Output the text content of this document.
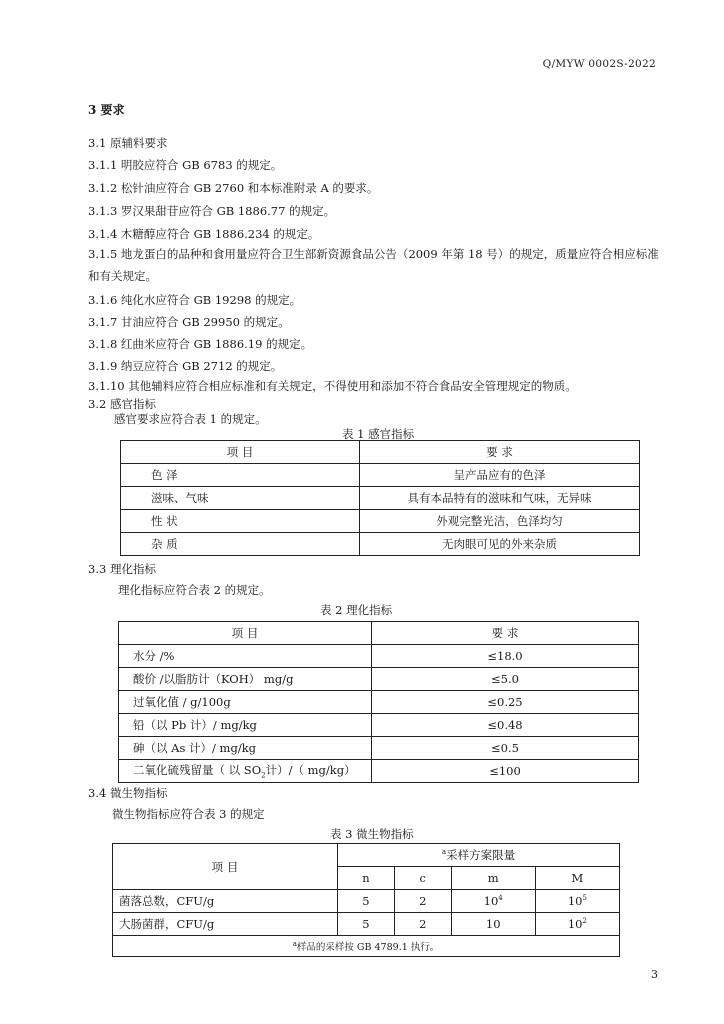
Q/MYW 0002S-2022
3 要求
3.1 原辅料要求
3.1.1 明胶应符合 GB 6783 的规定。
3.1.2 松针油应符合 GB 2760 和本标准附录 A 的要求。
3.1.3 罗汉果甜苷应符合 GB 1886.77 的规定。
3.1.4 木糖醇应符合 GB 1886.234 的规定。
3.1.5 地龙蛋白的品种和食用量应符合卫生部新资源食品公告（2009 年第 18 号）的规定，质量应符合相应标准和有关规定。
3.1.6 纯化水应符合 GB 19298 的规定。
3.1.7 甘油应符合 GB 29950 的规定。
3.1.8 红曲米应符合 GB 1886.19 的规定。
3.1.9 纳豆应符合 GB 2712 的规定。
3.1.10 其他辅料应符合相应标准和有关规定，不得使用和添加不符合食品安全管理规定的物质。
3.2 感官指标
感官要求应符合表 1 的规定。
表 1 感官指标
项 目	要 求
色 泽	呈产品应有的色泽
滋味、气味	具有本品特有的滋味和气味，无异味
性 状	外观完整光洁，色泽均匀
杂 质	无肉眼可见的外来杂质
3.3 理化指标
理化指标应符合表 2 的规定。
表 2 理化指标
项 目	要 求
水分 /%	≤18.0
酸价 /以脂肪计（KOH） mg/g	≤5.0
过氧化值 / g/100g	≤0.25
铅（以 Pb 计）/ mg/kg	≤0.48
砷（以 As 计）/ mg/kg	≤0.5
二氧化硫残留量（ 以 $SO_2$计）/（ mg/kg）	≤100
3.4 微生物指标
微生物指标应符合表 3 的规定
表 3 微生物指标
项 目	$^a$采样方案限量			
	n	c	m	M
菌落总数，CFU/g	5	2	$10^4$	$10^5$
大肠菌群，CFU/g	5	2	10	$10^2$
$^a$样品的采样按 GB 4789.1 执行。				
3
